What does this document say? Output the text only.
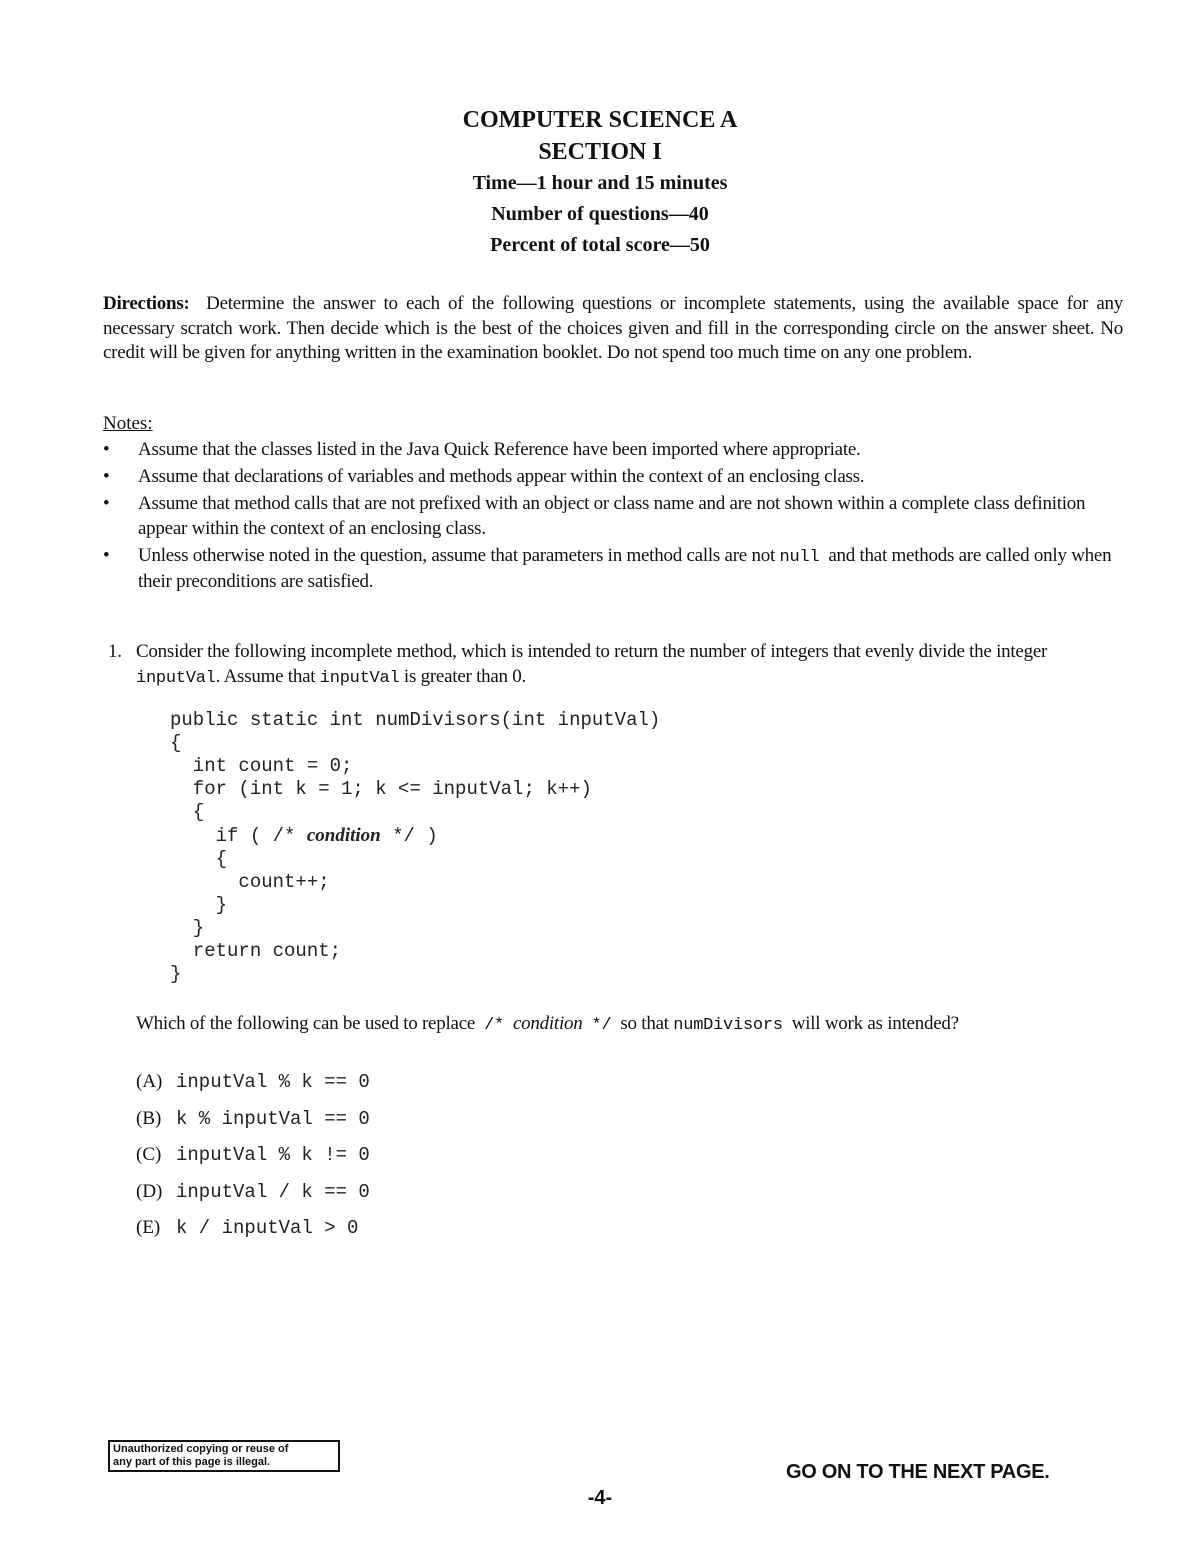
COMPUTER SCIENCE A
SECTION I
Time—1 hour and 15 minutes
Number of questions—40
Percent of total score—50
Directions: Determine the answer to each of the following questions or incomplete statements, using the available space for any necessary scratch work. Then decide which is the best of the choices given and fill in the corresponding circle on the answer sheet. No credit will be given for anything written in the examination booklet. Do not spend too much time on any one problem.
Notes:
• Assume that the classes listed in the Java Quick Reference have been imported where appropriate.
• Assume that declarations of variables and methods appear within the context of an enclosing class.
• Assume that method calls that are not prefixed with an object or class name and are not shown within a complete class definition appear within the context of an enclosing class.
• Unless otherwise noted in the question, assume that parameters in method calls are not null and that methods are called only when their preconditions are satisfied.
1. Consider the following incomplete method, which is intended to return the number of integers that evenly divide the integer inputVal. Assume that inputVal is greater than 0.
public static int numDivisors(int inputVal)
{
int count = 0;
for (int k = 1; k <= inputVal; k++)
{
if ( /* condition */ )
{
count++;
}
}
return count;
}
Which of the following can be used to replace /* condition */ so that numDivisors will work as intended?
(A) inputVal % k == 0
(B) k % inputVal == 0
(C) inputVal % k != 0
(D) inputVal / k == 0
(E) k / inputVal > 0
Unauthorized copying or reuse of
any part of this page is illegal.	GO ON TO THE NEXT PAGE.
-4-
